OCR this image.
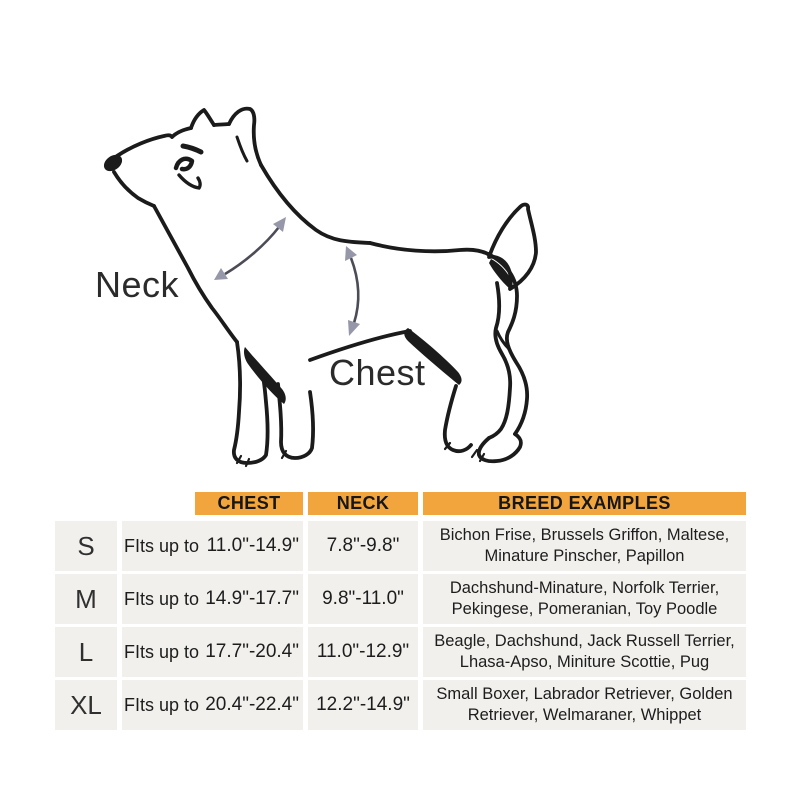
Neck
Chest
CHEST	NECK	BREED EXAMPLES
S	FIts up to 11.0"-14.9"	7.8"-9.8"
Bichon Frise, Brussels Griffon, Maltese,
Minature Pinscher, Papillon
M	FIts up to 14.9"-17.7"	9.8"-11.0"
Dachshund-Minature, Norfolk Terrier,
Pekingese, Pomeranian, Toy Poodle
L	FIts up to 17.7"-20.4" 11.0"-12.9"
Beagle, Dachshund, Jack Russell Terrier,
Lhasa-Apso, Miniture Scottie, Pug
XL	FIts up to 20.4"-22.4" 12.2"-14.9"
Small Boxer, Labrador Retriever, Golden
Retriever, Welmaraner, Whippet
